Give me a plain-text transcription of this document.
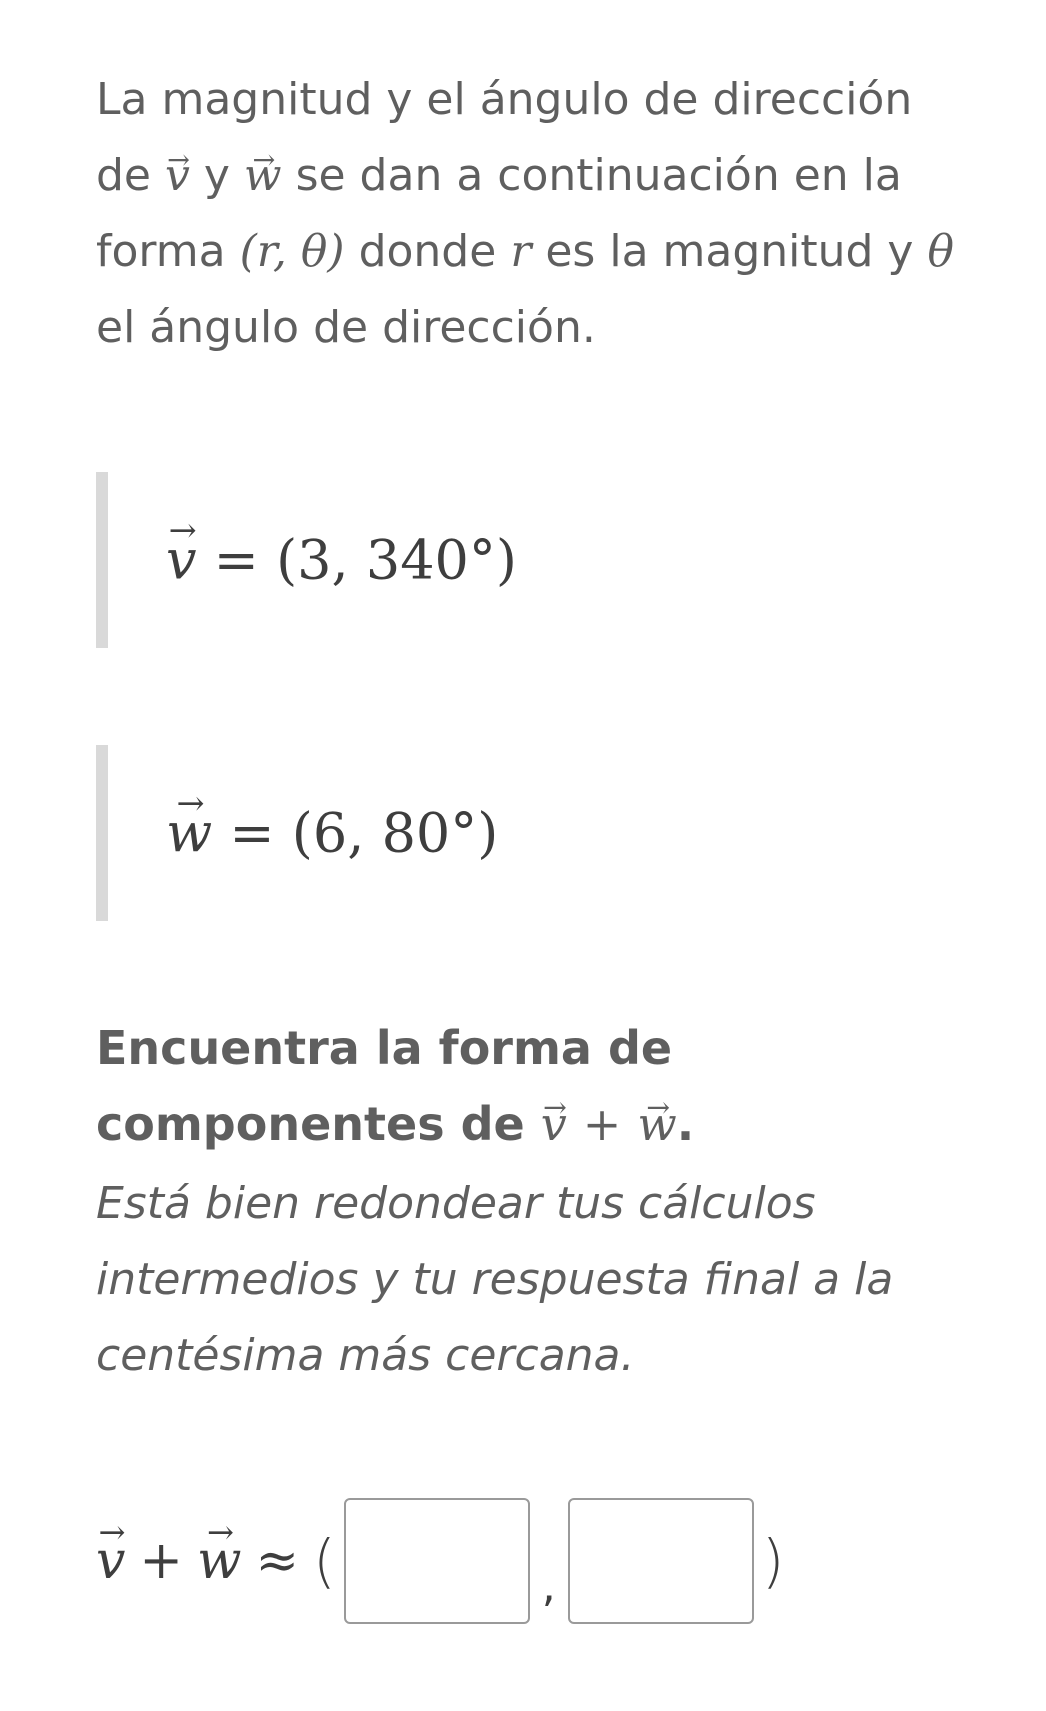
La magnitud y el ángulo de dirección de → v y → w se dan a continuación en la forma (r, θ) donde r es la magnitud y θ el ángulo de dirección.

→ v = (3, 340°)
→ w = (6, 80°)

Encuentra la forma de componentes de → v + → w.

Está bien redondear tus cálculos intermedios y tu respuesta final a la centésima más cercana.

→ v + → w ≈ (	,	)
